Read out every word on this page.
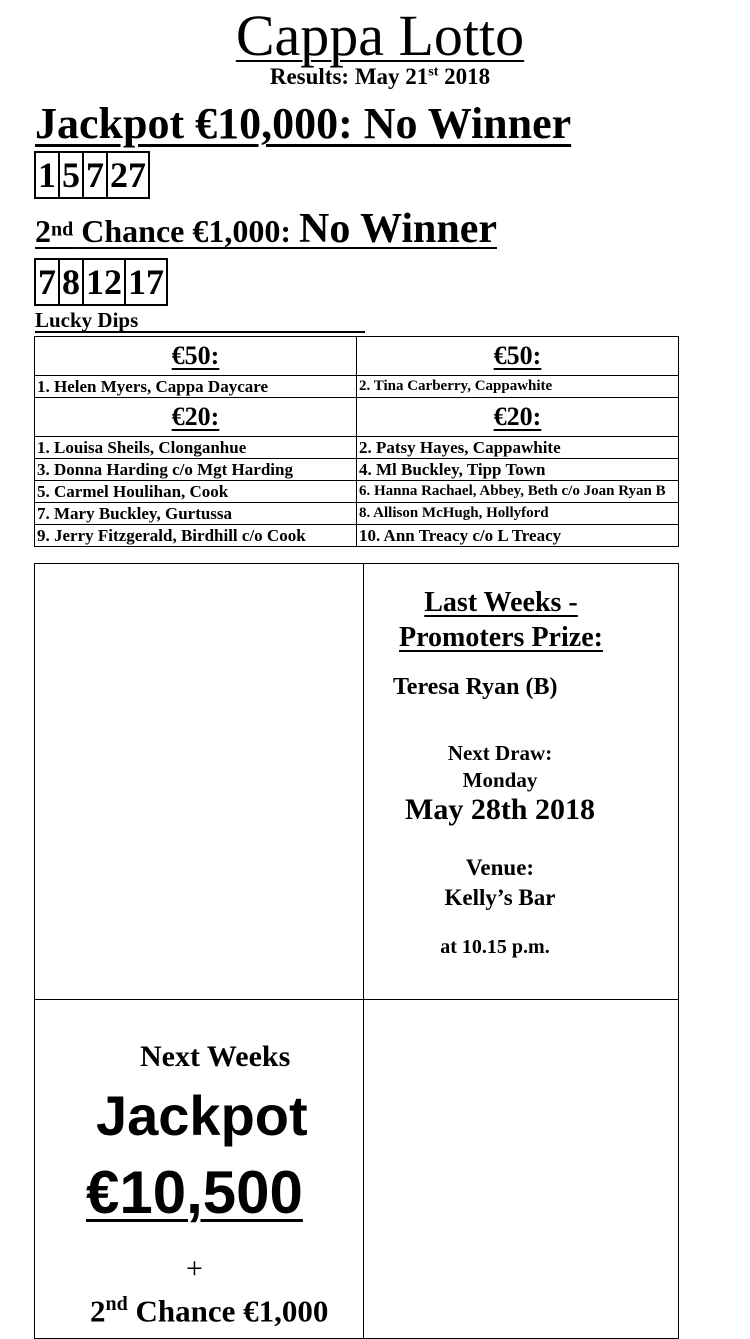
Cappa Lotto
Results: May 21st 2018
Jackpot €10,000: No Winner
1 5 7 27
2nd Chance €1,000: No Winner
7 8 12 17
Lucky Dips
€50:	€50:
1. Helen Myers, Cappa Daycare	2. Tina Carberry, Cappawhite
€20:	€20:
1. Louisa Sheils, Clonganhue	2. Patsy Hayes, Cappawhite
3. Donna Harding c/o Mgt Harding	4. Ml Buckley, Tipp Town
5. Carmel Houlihan, Cook	6. Hanna Rachael, Abbey, Beth c/o Joan Ryan B
7. Mary Buckley, Gurtussa	8. Allison McHugh, Hollyford
9. Jerry Fitzgerald, Birdhill c/o Cook	10. Ann Treacy c/o L Treacy
Last Weeks -
Promoters Prize:
Teresa Ryan (B)
Next Draw:
Monday
May 28th 2018
Venue:
Kelly’s Bar
at 10.15 p.m.
Next Weeks
Jackpot
€10,500
+
2nd Chance €1,000
